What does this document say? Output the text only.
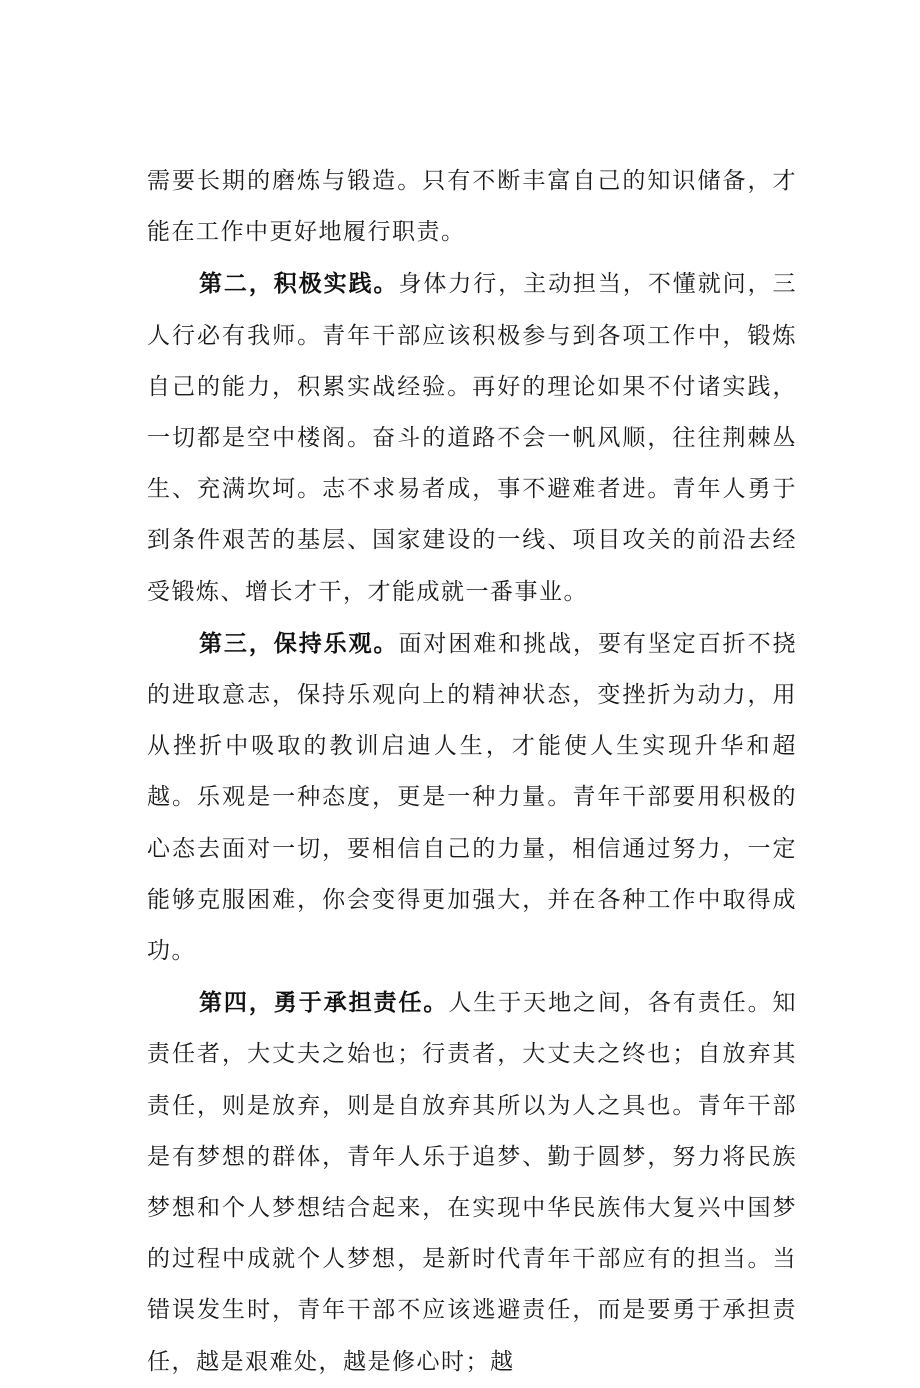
需要长期的磨炼与锻造。只有不断丰富自己的知识储备，才能在工作中更好地履行职责。

第二，积极实践。身体力行，主动担当，不懂就问，三人行必有我师。青年干部应该积极参与到各项工作中，锻炼自己的能力，积累实战经验。再好的理论如果不付诸实践，一切都是空中楼阁。奋斗的道路不会一帆风顺，往往荆棘丛生、充满坎坷。志不求易者成，事不避难者进。青年人勇于到条件艰苦的基层、国家建设的一线、项目攻关的前沿去经受锻炼、增长才干，才能成就一番事业。

第三，保持乐观。面对困难和挑战，要有坚定百折不挠的进取意志，保持乐观向上的精神状态，变挫折为动力，用从挫折中吸取的教训启迪人生，才能使人生实现升华和超越。乐观是一种态度，更是一种力量。青年干部要用积极的心态去面对一切，要相信自己的力量，相信通过努力，一定能够克服困难，你会变得更加强大，并在各种工作中取得成功。

第四，勇于承担责任。人生于天地之间，各有责任。知责任者，大丈夫之始也；行责者，大丈夫之终也；自放弃其责任，则是放弃，则是自放弃其所以为人之具也。青年干部是有梦想的群体，青年人乐于追梦、勤于圆梦，努力将民族梦想和个人梦想结合起来，在实现中华民族伟大复兴中国梦的过程中成就个人梦想，是新时代青年干部应有的担当。当错误发生时，青年干部不应该逃避责任，而是要勇于承担责任，越是艰难处，越是修心时；越
